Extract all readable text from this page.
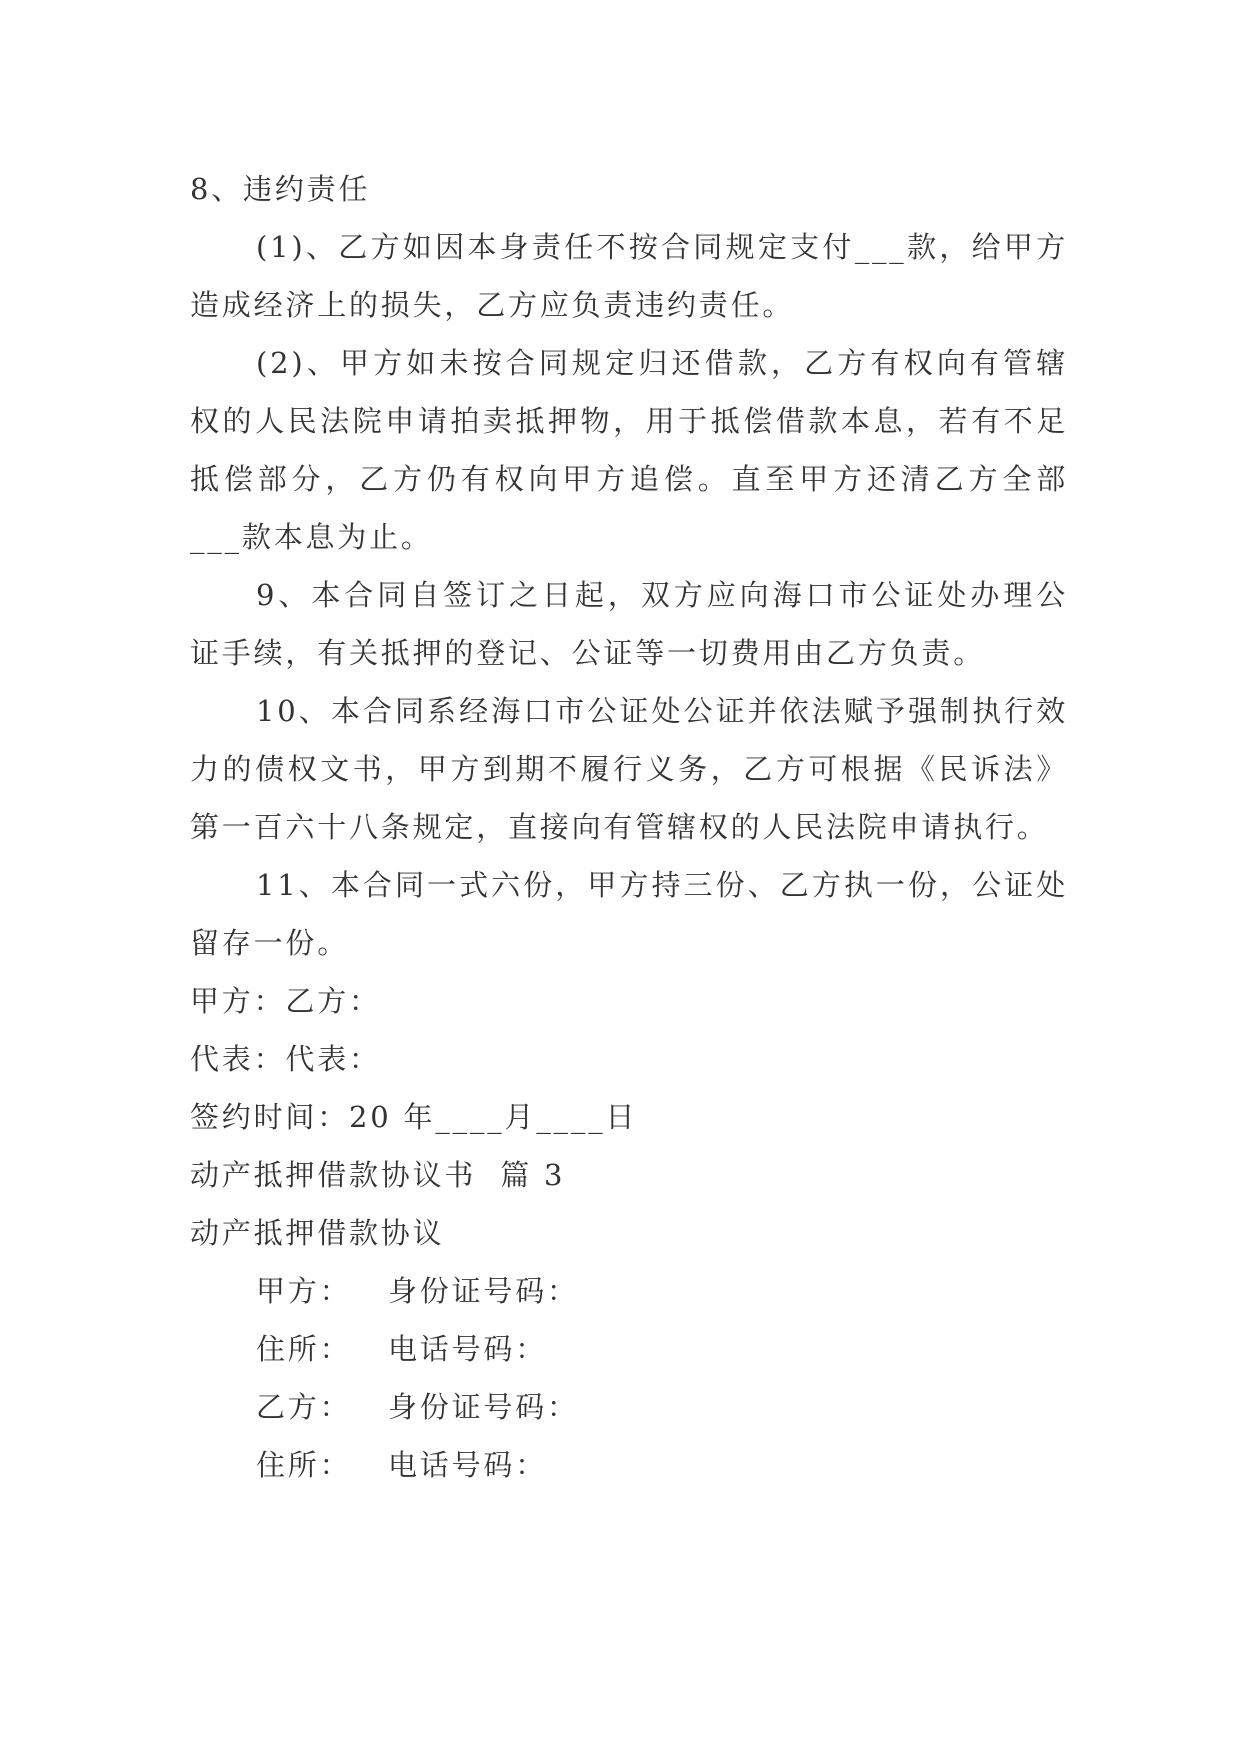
8、违约责任

(1)、乙方如因本身责任不按合同规定支付___款，给甲方造成经济上的损失，乙方应负责违约责任。

(2)、甲方如未按合同规定归还借款，乙方有权向有管辖权的人民法院申请拍卖抵押物，用于抵偿借款本息，若有不足抵偿部分，乙方仍有权向甲方追偿。直至甲方还清乙方全部___款本息为止。

9、本合同自签订之日起，双方应向海口市公证处办理公证手续，有关抵押的登记、公证等一切费用由乙方负责。

10、本合同系经海口市公证处公证并依法赋予强制执行效力的债权文书，甲方到期不履行义务，乙方可根据《民诉法》第一百六十八条规定，直接向有管辖权的人民法院申请执行。

11、本合同一式六份，甲方持三份、乙方执一份，公证处留存一份。

甲方：乙方：

代表：代表：

签约时间：20 年____月____日

动产抵押借款协议书  篇 3

动产抵押借款协议

甲方：	身份证号码：
住所：	电话号码：
乙方：	身份证号码：
住所：	电话号码：
